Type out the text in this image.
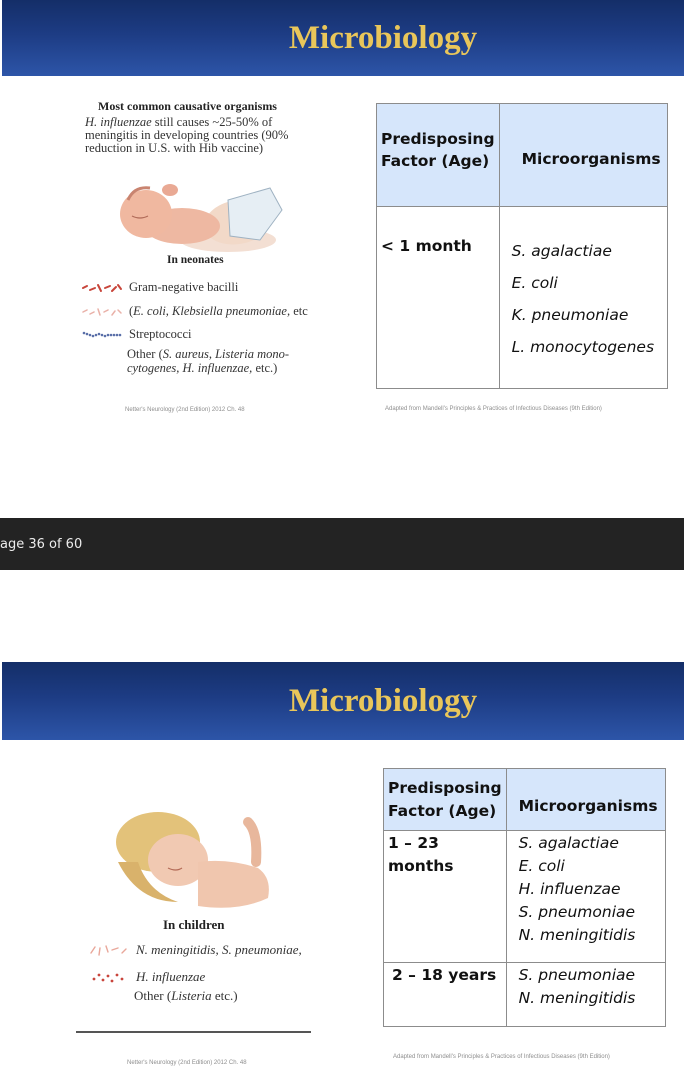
Microbiology
Most common causative organisms
H. influenzae still causes ~25-50% of meningitis in developing countries (90% reduction in U.S. with Hib vaccine)
In neonates
Gram-negative bacilli
(E. coli, Klebsiella pneumoniae, etc
Streptococci
Other (S. aureus, Listeria mono-cytogenes, H. influenzae, etc.)
Netter's Neurology (2nd Edition) 2012 Ch. 48
Predisposing Factor (Age)	Microorganisms
< 1 month	S. agalactiae
E. coli
K. pneumoniae
L. monocytogenes
Adapted from Mandell's Principles & Practices of Infectious Diseases (9th Edition)
age 36 of 60
Microbiology
In children
N. meningitidis, S. pneumoniae,
H. influenzae
Other (Listeria etc.)
Netter's Neurology (2nd Edition) 2012 Ch. 48
Predisposing Factor (Age)	Microorganisms
1 – 23 months	S. agalactiae
E. coli
H. influenzae
S. pneumoniae
N. meningitidis

2 – 18 years	S. pneumoniae
N. meningitidis
Adapted from Mandell's Principles & Practices of Infectious Diseases (9th Edition)
